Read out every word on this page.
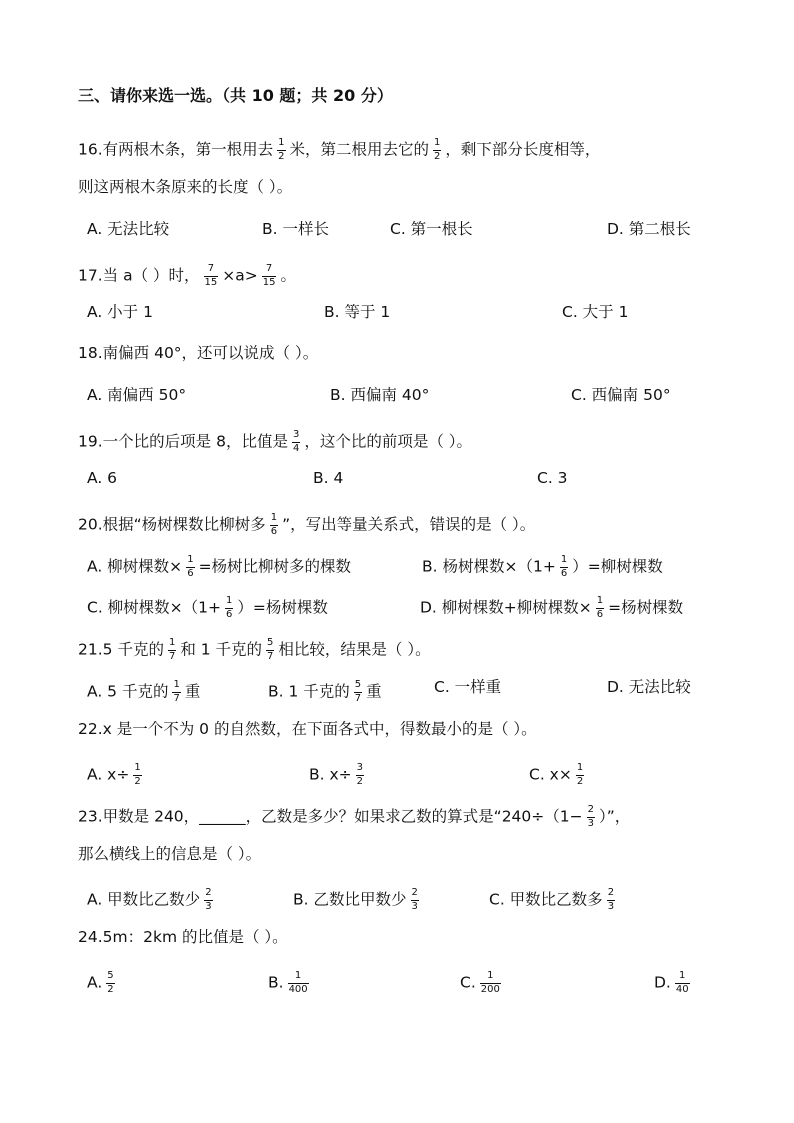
三、请你来选一选。（共 10 题；共 20 分）
16.有两根木条，第一根用去 $\frac{1}{2}$ 米，第二根用去它的 $\frac{1}{2}$ ，剩下部分长度相等，
则这两根木条原来的长度（ ）。
A. 无法比较	B. 一样长	C. 第一根长	D. 第二根长
17.当 a（ ）时， $\frac{7}{15} \times a> \frac{7}{15}$ 。
A. 小于 1	B. 等于 1	C. 大于 1
18.南偏西 40°，还可以说成（ ）。
A. 南偏西 50°	B. 西偏南 40°	C. 西偏南 50°
19.一个比的后项是 8，比值是 $\frac{3}{4}$ ，这个比的前项是（ ）。
A. 6	B. 4	C. 3
20.根据“杨树棵数比柳树多 $\frac{1}{6}$ ”，写出等量关系式，错误的是（ ）。
A. 柳树棵数× $\frac{1}{6}$ =杨树比柳树多的棵数	B. 杨树棵数$\times(1+ \frac{1}{6}$ ）=柳树棵数
C. 柳树棵数$\times(1+ \frac{1}{6}$ ）=杨树棵数	D. 柳树棵数+柳树棵数× $\frac{1}{6}$ =杨树棵数
21.5 千克的 $\frac{1}{7}$ 和 1 千克的 $\frac{5}{7}$ 相比较，结果是（ ）。
A. 5 千克的 $\frac{1}{7}$ 重	B. 1 千克的 $\frac{5}{7}$ 重	C. 一样重	D. 无法比较
22.x 是一个不为 0 的自然数，在下面各式中，得数最小的是（ ）。
A. $x\div \frac{1}{2}$	B. $x\div \frac{3}{2}$	C. $x\times \frac{1}{2}$
23.甲数是 240，______，乙数是多少？如果求乙数的算式是“$240\div(1- \frac{2}{3}$ ）”，
那么横线上的信息是（ ）。
A. 甲数比乙数少 $\frac{2}{3}$	B. 乙数比甲数少 $\frac{2}{3}$	C. 甲数比乙数多 $\frac{2}{3}$
24.5m：2km 的比值是（ ）。
A. $\frac{5}{2}$	B. $\frac{1}{400}$	C. $\frac{1}{200}$	D. $\frac{1}{40}$
